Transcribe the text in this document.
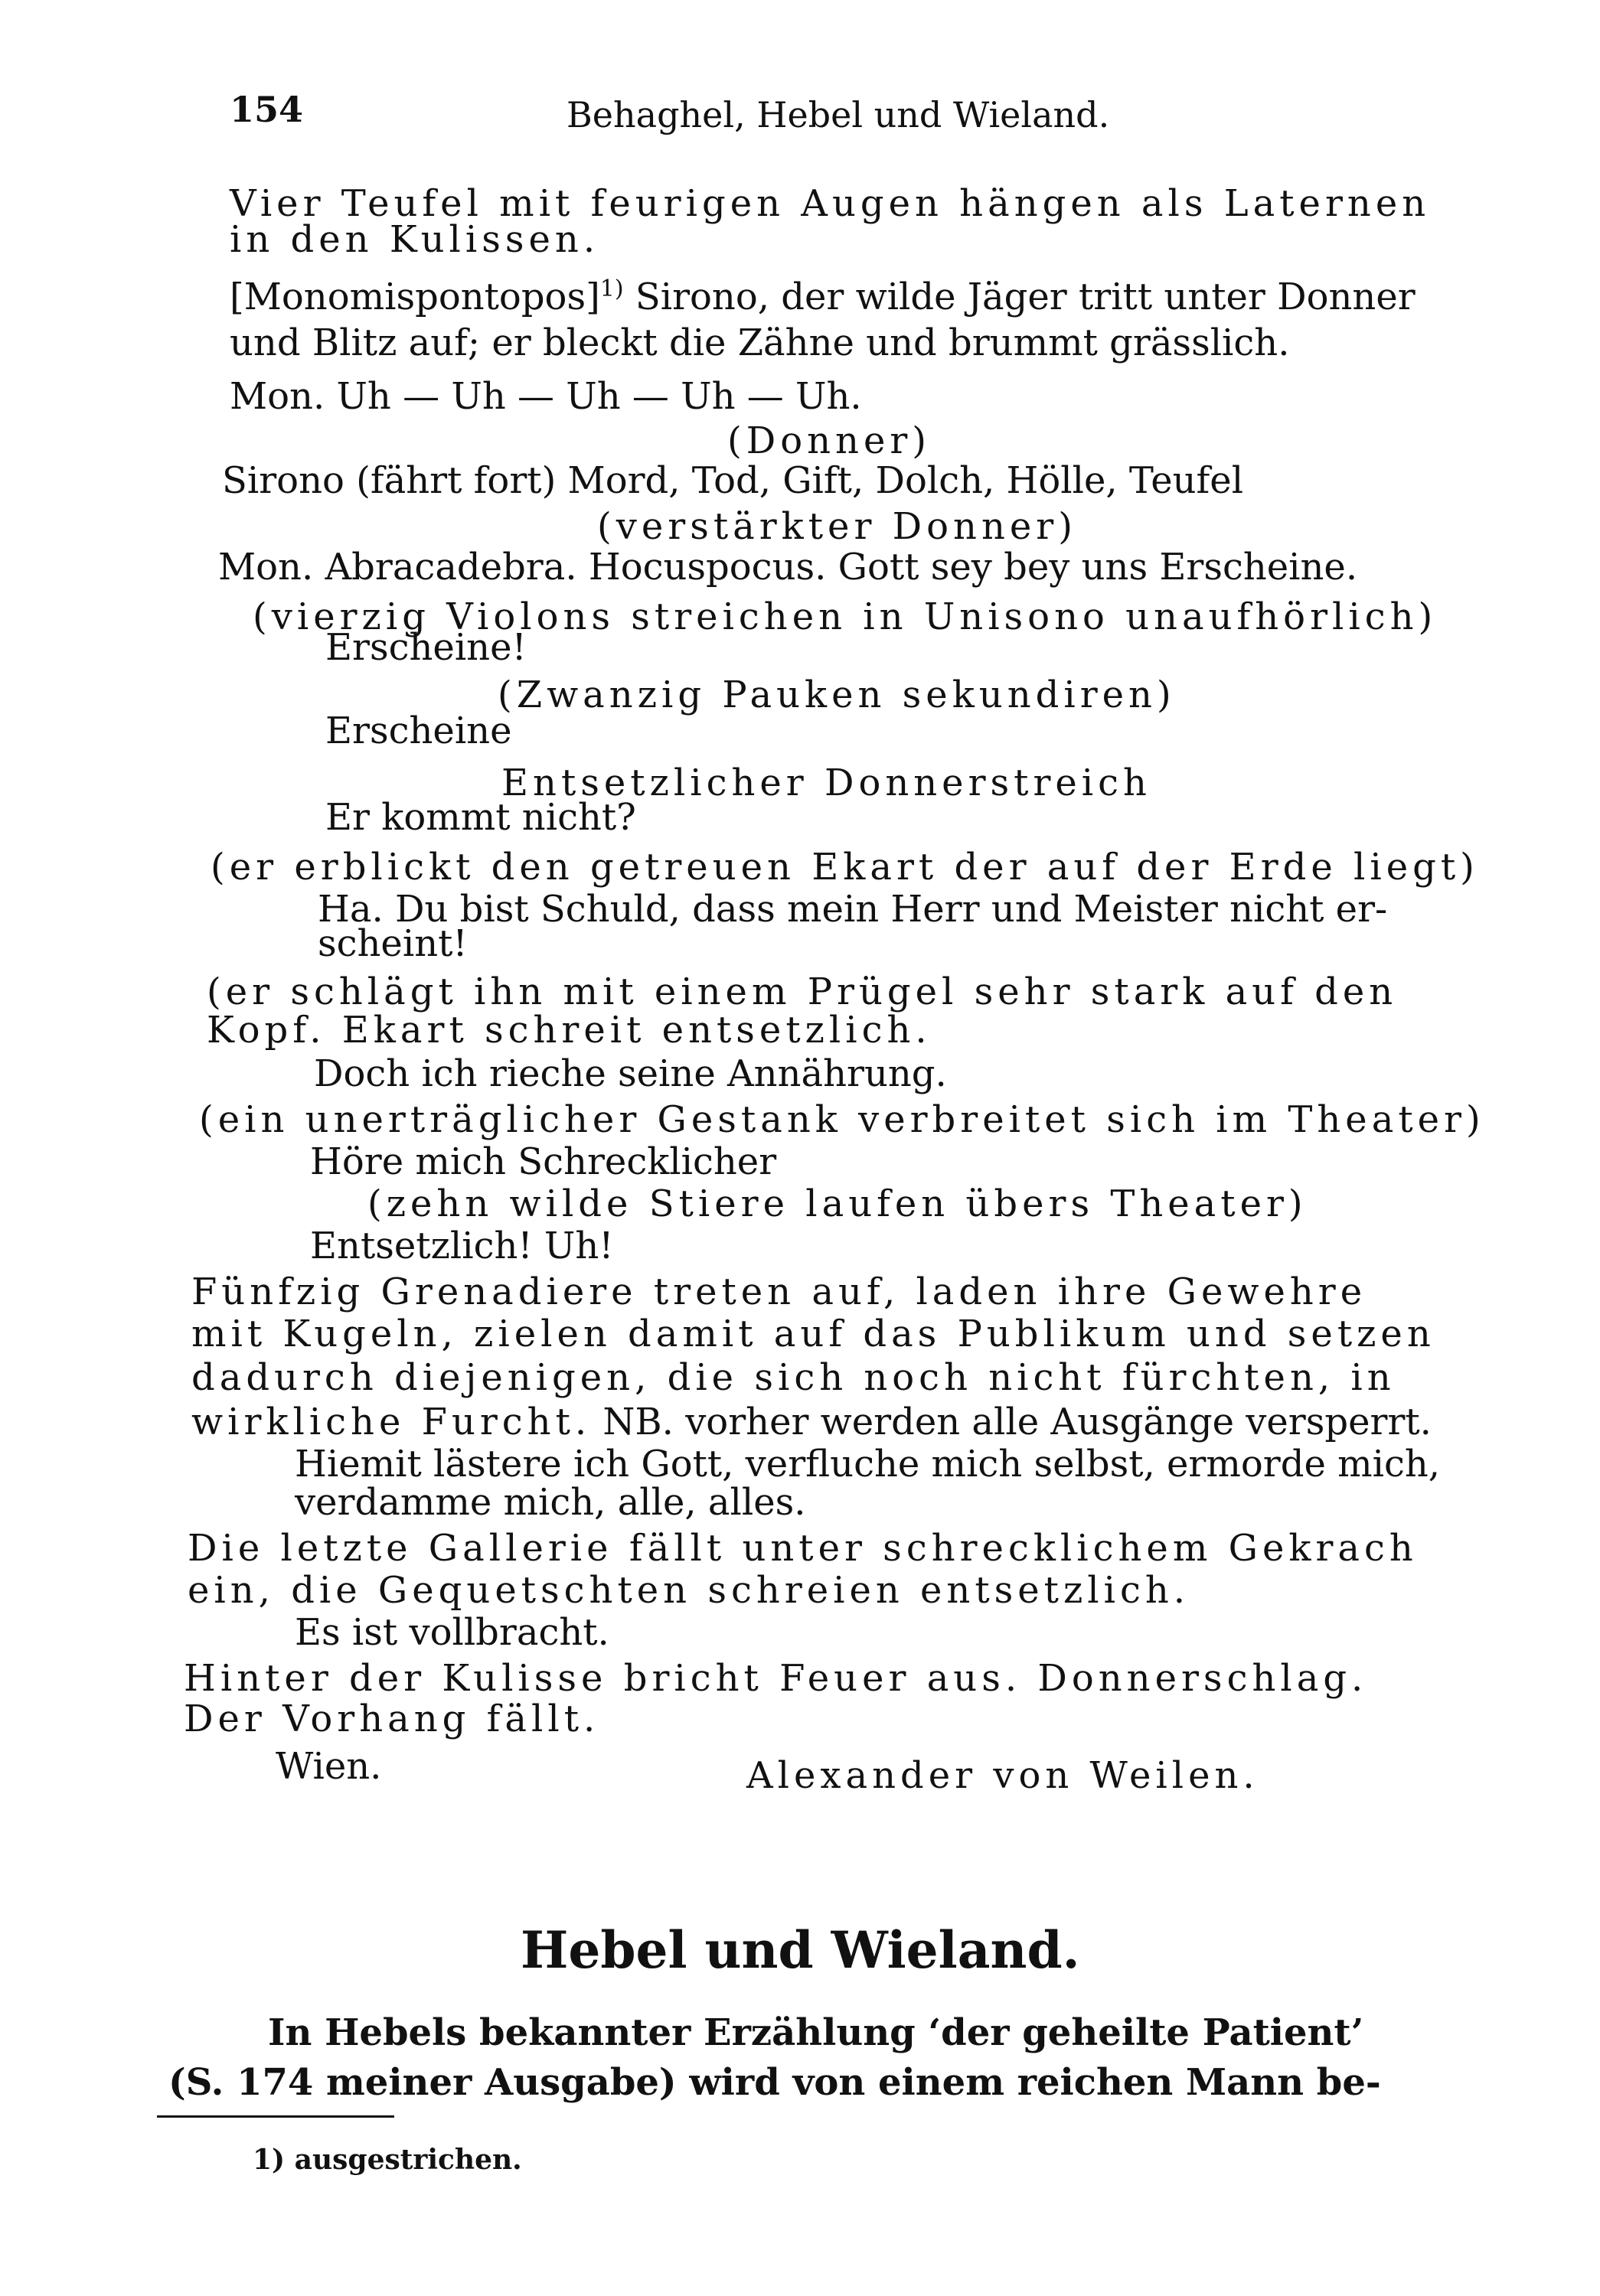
154	Behaghel, Hebel und Wieland.
Vier Teufel mit feurigen Augen hängen als Laternen
in den Kulissen.
[Monomispontopos]$^{1)}$ Sirono, der wilde Jäger tritt unter Donner
und Blitz auf; er bleckt die Zähne und brummt grässlich.
Mon. Uh — Uh — Uh — Uh — Uh.
(Donner)
Sirono (fährt fort) Mord, Tod, Gift, Dolch, Hölle, Teufel
(verstärkter Donner)
Mon. Abracadebra. Hocuspocus. Gott sey bey uns Erscheine.
(vierzig Violons streichen in Unisono unaufhörlich)
Erscheine!
(Zwanzig Pauken sekundiren)
Erscheine
Entsetzlicher Donnerstreich
Er kommt nicht?
(er erblickt den getreuen Ekart der auf der Erde liegt)
Ha. Du bist Schuld, dass mein Herr und Meister nicht er-
scheint!
(er schlägt ihn mit einem Prügel sehr stark auf den
Kopf. Ekart schreit entsetzlich.
Doch ich rieche seine Annährung.
(ein unerträglicher Gestank verbreitet sich im Theater)
Höre mich Schrecklicher
(zehn wilde Stiere laufen übers Theater)
Entsetzlich! Uh!
Fünfzig Grenadiere treten auf, laden ihre Gewehre
mit Kugeln, zielen damit auf das Publikum und setzen
dadurch diejenigen, die sich noch nicht fürchten, in
wirkliche Furcht. NB. vorher werden alle Ausgänge versperrt.
Hiemit lästere ich Gott, verfluche mich selbst, ermorde mich,
verdamme mich, alle, alles.
Die letzte Gallerie fällt unter schrecklichem Gekrach
ein, die Gequetschten schreien entsetzlich.
Es ist vollbracht.
Hinter der Kulisse bricht Feuer aus. Donnerschlag.
Der Vorhang fällt.
Wien.	Alexander von Weilen.
Hebel und Wieland.
In Hebels bekannter Erzählung ‘der geheilte Patient’
(S. 174 meiner Ausgabe) wird von einem reichen Mann be-
1) ausgestrichen.
